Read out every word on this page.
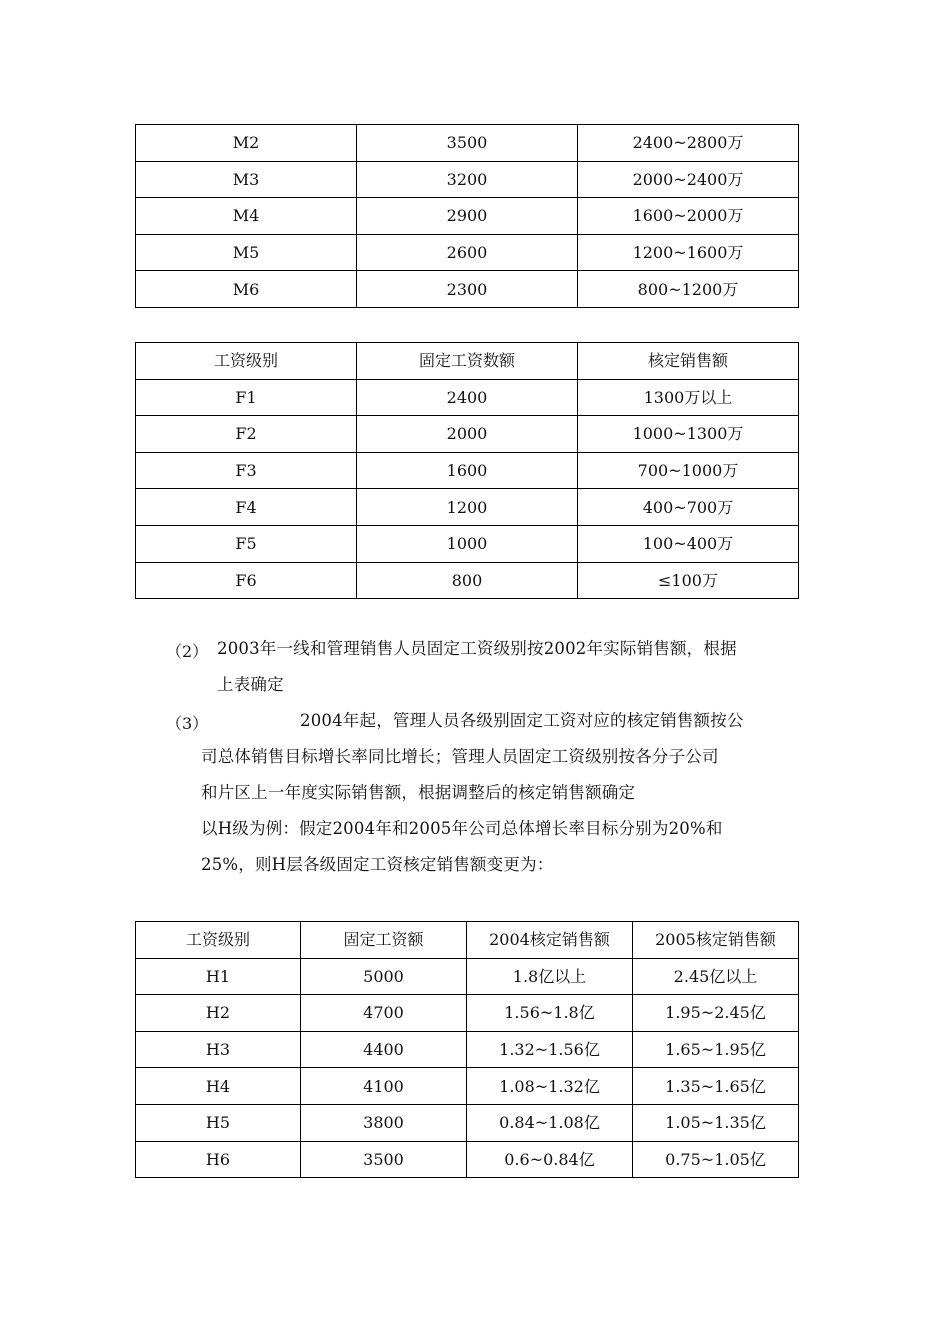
M2	3500	2400~2800万
M3	3200	2000~2400万
M4	2900	1600~2000万
M5	2600	1200~1600万
M6	2300	800~1200万
工资级别	固定工资数额	核定销售额
F1	2400	1300万以上
F2	2000	1000~1300万
F3	1600	700~1000万
F4	1200	400~700万
F5	1000	100~400万
F6	800	≤100万
（2） 2003年一线和管理销售人员固定工资级别按2002年实际销售额，根据
上表确定
（3）	2004年起，管理人员各级别固定工资对应的核定销售额按公
司总体销售目标增长率同比增长；管理人员固定工资级别按各分子公司
和片区上一年度实际销售额，根据调整后的核定销售额确定
以H级为例：假定2004年和2005年公司总体增长率目标分别为20%和
25%，则H层各级固定工资核定销售额变更为：
工资级别	固定工资额	2004核定销售额	2005核定销售额
H1	5000	1.8亿以上	2.45亿以上
H2	4700	1.56~1.8亿	1.95~2.45亿
H3	4400	1.32~1.56亿	1.65~1.95亿
H4	4100	1.08~1.32亿	1.35~1.65亿
H5	3800	0.84~1.08亿	1.05~1.35亿
H6	3500	0.6~0.84亿	0.75~1.05亿
